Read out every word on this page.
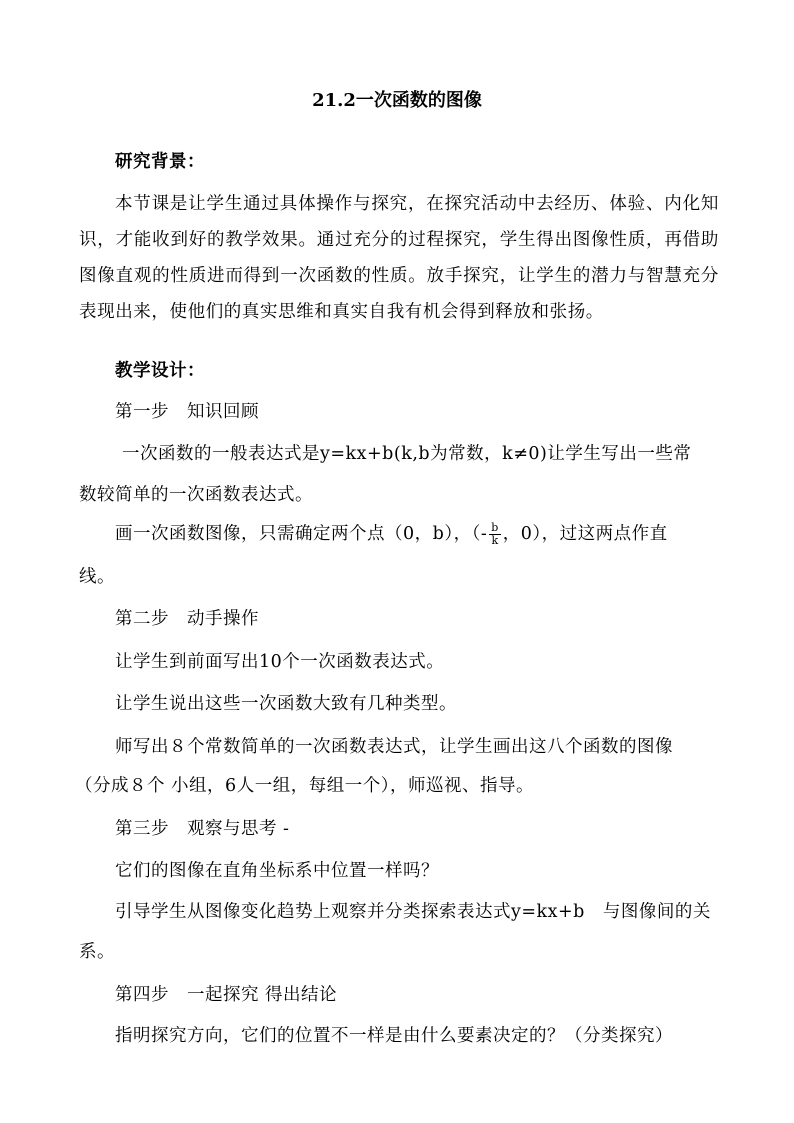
21.2一次函数的图像
研究背景：
本节课是让学生通过具体操作与探究，在探究活动中去经历、体验、内化知识，才能收到好的教学效果。通过充分的过程探究，学生得出图像性质，再借助图像直观的性质进而得到一次函数的性质。放手探究，让学生的潜力与智慧充分表现出来，使他们的真实思维和真实自我有机会得到释放和张扬。
教学设计：
第一步　知识回顾
一次函数的一般表达式是y=kx+b(k,b为常数，k≠0)让学生写出一些常
数较简单的一次函数表达式。
画一次函数图像，只需确定两个点（0，b），（- $\frac{b}{k}$ ，0），过这两点作直
线。
第二步　动手操作
让学生到前面写出10个一次函数表达式。
让学生说出这些一次函数大致有几种类型。
师写出８个常数简单的一次函数表达式，让学生画出这八个函数的图像
（分成８个 小组，6人一组，每组一个），师巡视、指导。
第三步　观察与思考 -
它们的图像在直角坐标系中位置一样吗？
引导学生从图像变化趋势上观察并分类探索表达式y=kx+b　与图像间的关
系。
第四步　一起探究 得出结论
指明探究方向，它们的位置不一样是由什么要素决定的？（分类探究）
